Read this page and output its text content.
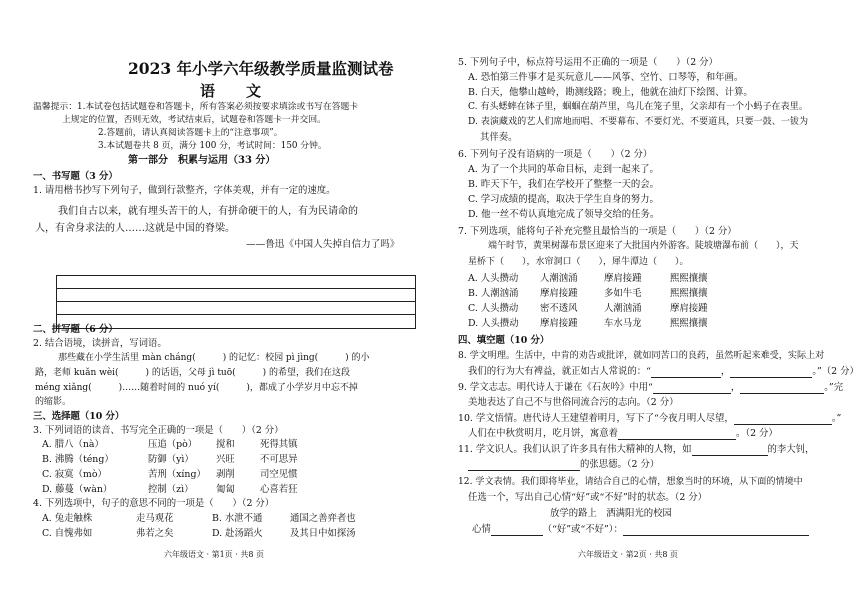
2023 年小学六年级教学质量监测试卷
语　文
温馨提示：1.本试卷包括试题卷和答题卡，所有答案必须按要求填涂或书写在答题卡
上规定的位置，否则无效，考试结束后，试题卷和答题卡一并交回。
2.答题前，请认真阅读答题卡上的“注意事项”。
3.本试题卷共 8 页，满分 100 分，考试时间：150 分钟。
第一部分　积累与运用（33 分）
一、书写题（3 分）
1. 请用楷书抄写下列句子，做到行款整齐，字体美观，并有一定的速度。
我们自古以来，就有埋头苦干的人，有拼命硬干的人，有为民请命的
人，有舍身求法的人……这就是中国的脊梁。
——鲁迅《中国人失掉自信力了吗》
二、拼写题（6 分）
2. 结合语境，读拼音，写词语。
那些藏在小学生活里 màn cháng(　　　) 的记忆：校园 pì jìng(　　　) 的小
路，老师 kuǎn wèi(　　　) 的话语，父母 jì tuō(　　　) 的希望，我们在这段
méng xiǎng(　　　)……随着时间的 nuó yí(　　　)，都成了小学岁月中忘不掉
的缩影。
三、选择题（10 分）
3. 下列词语的读音、书写完全正确的一项是（　　）（2 分）
A. 腊八（nà）	压追（pò） 搅和	死得其镇
B. 沸腾（téng）	防御（yì） 兴旺	不可思异
C. 寂寞（mò）	苦刑（xíng） 剥削	司空见惯
D. 藤蔓（wàn）	控制（zì） 匍匐	心喜若狂
4. 下列选项中，句子的意思不同的一项是（　　）（2 分）
A. 兔走触株	走马观花	B. 水泄不通	通国之善弈者也
C. 自愧弗如	弗若之矣	D. 赴汤蹈火	及其日中如探汤
六年级语文 · 第1页 · 共8 页
5. 下列句子中，标点符号运用不正确的一项是（　　）（2 分）
A. 恐怕第三件事才是买玩意儿——风筝、空竹、口琴等，和年画。
B. 白天，他攀山越岭，勘测线路；晚上，他就在油灯下绘图、计算。
C. 有头蟋蟀在钵子里，蝈蝈在葫芦里，鸟儿在笼子里，父亲却有一个小蚂子在表里。
D. 表演藏戏的艺人们席地而唱、不要幕布、不要灯光、不要道具，只要一鼓、一钹为
其伴奏。
6. 下列句子没有语病的一项是（　　）（2 分）
A. 为了一个共同的革命目标，走到一起来了。
B. 昨天下午，我们在学校开了整整一天的会。
C. 学习成绩的提高，取决于学生自身的努力。
D. 他一丝不苟认真地完成了领导交给的任务。
7. 下列选项，能将句子补充完整且最恰当的一项是（　　）（2 分）
端午时节，黄果树瀑布景区迎来了大批国内外游客。陡坡塘瀑布前（　　），天
星桥下（　　），水帘洞口（　　），犀牛潭边（　　）。
A. 人头攒动 人潮汹涌	摩肩接踵	熙熙攘攘
B. 人潮汹涌 摩肩接踵	多如牛毛	熙熙攘攘
C. 人头攒动 密不透风	人潮汹涌	摩肩接踵
D. 人头攒动 摩肩接踵	车水马龙	熙熙攘攘
四、填空题（10 分）
8. 学文明理。生活中，中肯的劝告或批评，就如同苦口的良药，虽然听起来难受，实际上对
我们的行为大有裨益，就正如古人常说的：“	，	。”（2 分）
9. 学文志志。明代诗人于谦在《石灰吟》中用“	，	。”完
美地表达了自己不与世俗同流合污的志向。（2 分）
10. 学文悟情。唐代诗人王建望着明月，写下了“今夜月明人尽望，	。”
人们在中秋赏明月，吃月饼，寓意着	。（2 分）
11. 学文识人。我们认识了许多具有伟大精神的人物，如	的李大钊，
的张思德。（2 分）
12. 学文表情。我们即将毕业，请结合自己的心情，想象当时的环境，从下面的情境中
任选一个，写出自己心情“好”或“不好”时的状态。（2 分）
放学的路上　洒满阳光的校园
心情	（“好”或“不好”）：
六年级语文 · 第2页 · 共8 页
